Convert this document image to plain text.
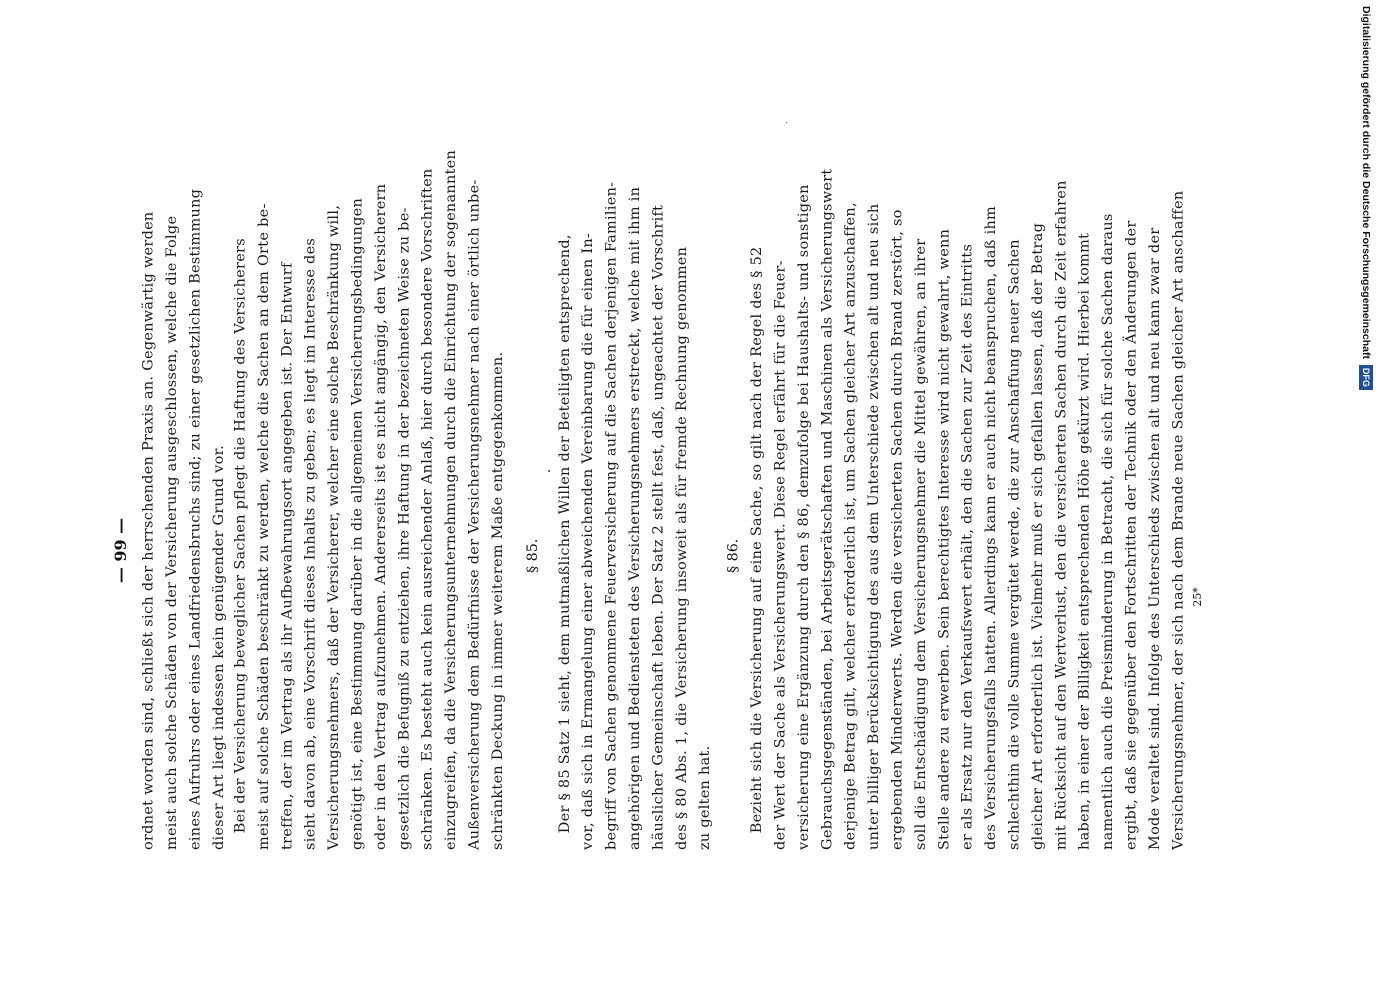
— 99 — ordnet worden sind, schließt sich der herrschenden Praxis an. Gegenwärtig werden meist auch solche Schäden von der Versicherung ausgeschlossen, welche die Folge eines Aufruhrs oder eines Landfriedensbruchs sind; zu einer gesetzlichen Bestimmung dieser Art liegt indessen kein genügender Grund vor. Bei der Versicherung beweglicher Sachen pflegt die Haftung des Versicherers meist auf solche Schäden beschränkt zu werden, welche die Sachen an dem Orte be- treffen, der im Vertrag als ihr Aufbewahrungsort angegeben ist. Der Entwurf sieht davon ab, eine Vorschrift dieses Inhalts zu geben; es liegt im Interesse des Versicherungsnehmers, daß der Versicherer, welcher eine solche Beschränkung will, genötigt ist, eine Bestimmung darüber in die allgemeinen Versicherungsbedingungen oder in den Vertrag aufzunehmen. Andererseits ist es nicht angängig, den Versicherern gesetzlich die Befugniß zu entziehen, ihre Haftung in der bezeichneten Weise zu be- schränken. Es besteht auch kein ausreichender Anlaß, hier durch besondere Vorschriften einzugreifen, da die Versicherungsunternehmungen durch die Einrichtung der sogenannten Außenversicherung dem Bedürfnisse der Versicherungsnehmer nach einer örtlich unbe- schränkten Deckung in immer weiterem Maße entgegenkommen. § 85. Der § 85 Satz 1 sieht, dem mutmaßlichen Willen der Beteiligten entsprechend, vor, daß sich in Ermangelung einer abweichenden Vereinbarung die für einen In- begriff von Sachen genommene Feuerversicherung auf die Sachen derjenigen Familien- angehörigen und Bediensteten des Versicherungsnehmers erstreckt, welche mit ihm in häuslicher Gemeinschaft leben. Der Satz 2 stellt fest, daß, ungeachtet der Vorschrift des § 80 Abs. 1, die Versicherung insoweit als für fremde Rechnung genommen zu gelten hat.
§ 86. Bezieht sich die Versicherung auf eine Sache, so gilt nach der Regel des § 52 der Wert der Sache als Versicherungswert. Diese Regel erfährt für die Feuer- versicherung eine Ergänzung durch den § 86, demzufolge bei Haushalts- und sonstigen Gebrauchsgegenständen, bei Arbeitsgerätschaften und Maschinen als Versicherungswert derjenige Betrag gilt, welcher erforderlich ist, um Sachen gleicher Art anzuschaffen, unter billiger Berücksichtigung des aus dem Unterschiede zwischen alt und neu sich ergebenden Minderwerts. Werden die versicherten Sachen durch Brand zerstört, so soll die Entschädigung dem Versicherungsnehmer die Mittel gewähren, an ihrer Stelle andere zu erwerben. Sein berechtigtes Interesse wird nicht gewahrt, wenn er als Ersatz nur den Verkaufswert erhält, den die Sachen zur Zeit des Eintritts des Versicherungsfalls hatten. Allerdings kann er auch nicht beanspruchen, daß ihm schlechthin die volle Summe vergütet werde, die zur Anschaffung neuer Sachen gleicher Art erforderlich ist. Vielmehr muß er sich gefallen lassen, daß der Betrag mit Rücksicht auf den Wertverlust, den die versicherten Sachen durch die Zeit erfahren haben, in einer der Billigkeit entsprechenden Höhe gekürzt wird. Hierbei kommt namentlich auch die Preisminderung in Betracht, die sich für solche Sachen daraus ergibt, daß sie gegenüber den Fortschritten der Technik oder den Änderungen der Mode veraltet sind. Infolge des Unterschieds zwischen alt und neu kann zwar der Versicherungsnehmer, der sich nach dem Brande neue Sachen gleicher Art anschaffen 25*
Digitalisierung gefördert durch die Deutsche Forschungsgemeinschaft DFG
